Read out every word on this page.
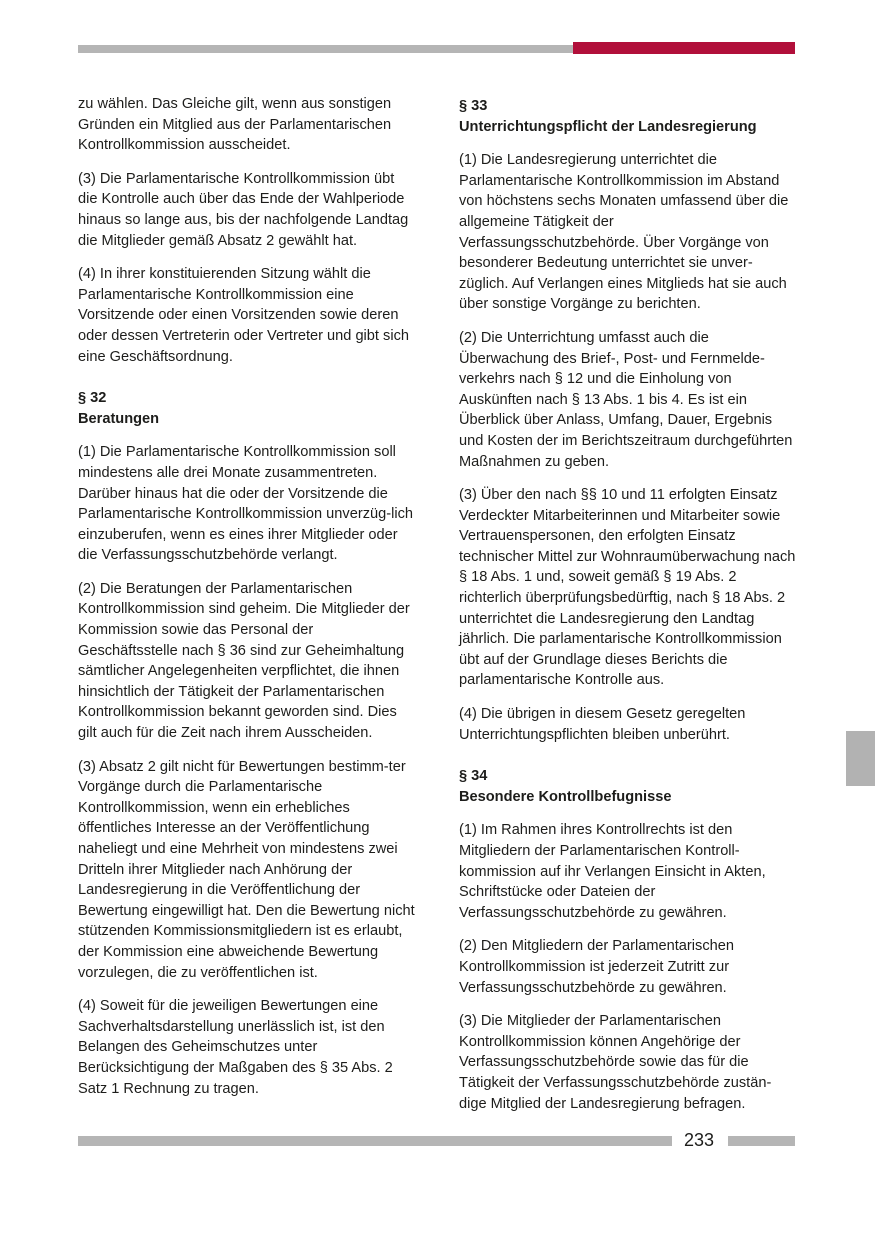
zu wählen. Das Gleiche gilt, wenn aus sonstigen Gründen ein Mitglied aus der Parlamentarischen Kontrollkommission ausscheidet.

(3) Die Parlamentarische Kontrollkommission übt die Kontrolle auch über das Ende der Wahlperiode hinaus so lange aus, bis der nachfolgende Landtag die Mitglieder gemäß Absatz 2 gewählt hat.

(4) In ihrer konstituierenden Sitzung wählt die Parlamentarische Kontrollkommission eine Vorsitzende oder einen Vorsitzenden sowie deren oder dessen Vertreterin oder Vertreter und gibt sich eine Geschäftsordnung.

§ 32
Beratungen

(1) Die Parlamentarische Kontrollkommission soll mindestens alle drei Monate zusammentreten. Darüber hinaus hat die oder der Vorsitzende die Parlamentarische Kontrollkommission unverzüg-lich einzuberufen, wenn es eines ihrer Mitglieder oder die Verfassungsschutzbehörde verlangt.

(2) Die Beratungen der Parlamentarischen Kontrollkommission sind geheim. Die Mitglieder der Kommission sowie das Personal der Geschäftsstelle nach § 36 sind zur Geheimhaltung sämtlicher Angelegenheiten verpflichtet, die ihnen hinsichtlich der Tätigkeit der Parlamentarischen Kontrollkommission bekannt geworden sind. Dies gilt auch für die Zeit nach ihrem Ausscheiden.

(3) Absatz 2 gilt nicht für Bewertungen bestimm-ter Vorgänge durch die Parlamentarische Kontrollkommission, wenn ein erhebliches öffentliches Interesse an der Veröffentlichung naheliegt und eine Mehrheit von mindestens zwei Dritteln ihrer Mitglieder nach Anhörung der Landesregierung in die Veröffentlichung der Bewertung eingewilligt hat. Den die Bewertung nicht stützenden Kommissionsmitgliedern ist es erlaubt, der Kommission eine abweichende Bewertung vorzulegen, die zu veröffentlichen ist.

(4) Soweit für die jeweiligen Bewertungen eine Sachverhaltsdarstellung unerlässlich ist, ist den Belangen des Geheimschutzes unter Berücksichtigung der Maßgaben des § 35 Abs. 2 Satz 1 Rechnung zu tragen.

§ 33
Unterrichtungspflicht der Landesregierung

(1) Die Landesregierung unterrichtet die Parlamentarische Kontrollkommission im Abstand von höchstens sechs Monaten umfassend über die allgemeine Tätigkeit der Verfassungsschutzbehörde. Über Vorgänge von besonderer Bedeutung unterrichtet sie unver-züglich. Auf Verlangen eines Mitglieds hat sie auch über sonstige Vorgänge zu berichten.

(2) Die Unterrichtung umfasst auch die Überwachung des Brief-, Post- und Fernmelde-verkehrs nach § 12 und die Einholung von Auskünften nach § 13 Abs. 1 bis 4. Es ist ein Überblick über Anlass, Umfang, Dauer, Ergebnis und Kosten der im Berichtszeitraum durchgeführten Maßnahmen zu geben.

(3) Über den nach §§ 10 und 11 erfolgten Einsatz Verdeckter Mitarbeiterinnen und Mitarbeiter sowie Vertrauenspersonen, den erfolgten Einsatz technischer Mittel zur Wohnraumüberwachung nach § 18 Abs. 1 und, soweit gemäß § 19 Abs. 2 richterlich überprüfungsbedürftig, nach § 18 Abs. 2 unterrichtet die Landesregierung den Landtag jährlich. Die parlamentarische Kontrollkommission übt auf der Grundlage dieses Berichts die parlamentarische Kontrolle aus.

(4) Die übrigen in diesem Gesetz geregelten Unterrichtungspflichten bleiben unberührt.

§ 34
Besondere Kontrollbefugnisse

(1) Im Rahmen ihres Kontrollrechts ist den Mitgliedern der Parlamentarischen Kontroll-kommission auf ihr Verlangen Einsicht in Akten, Schriftstücke oder Dateien der Verfassungsschutzbehörde zu gewähren.

(2) Den Mitgliedern der Parlamentarischen Kontrollkommission ist jederzeit Zutritt zur Verfassungsschutzbehörde zu gewähren.

(3) Die Mitglieder der Parlamentarischen Kontrollkommission können Angehörige der Verfassungsschutzbehörde sowie das für die Tätigkeit der Verfassungsschutzbehörde zustän-dige Mitglied der Landesregierung befragen.

233
